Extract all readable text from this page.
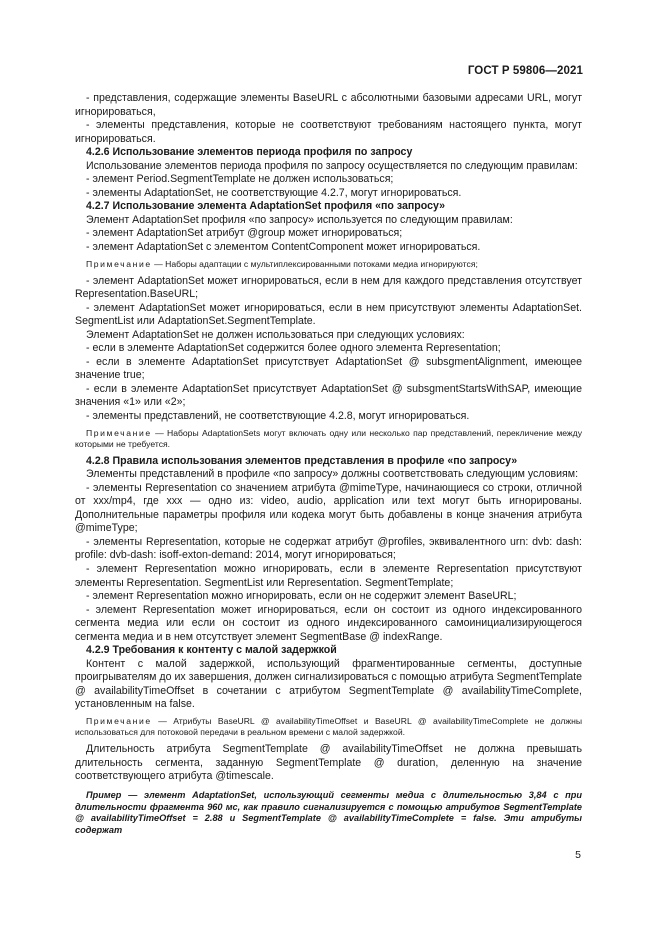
ГОСТ Р 59806—2021

- представления, содержащие элементы BaseURL с абсолютными базовыми адресами URL, могут игнорироваться,

- элементы представления, которые не соответствуют требованиям настоящего пункта, могут игнорироваться.

4.2.6 Использование элементов периода профиля по запросу

Использование элементов периода профиля по запросу осуществляется по следующим правилам:

- элемент Period.SegmentTemplate не должен использоваться;

- элементы AdaptationSet, не соответствующие 4.2.7, могут игнорироваться.

4.2.7 Использование элемента AdaptationSet профиля «по запросу»

Элемент AdaptationSet профиля «по запросу» используется по следующим правилам:

- элемент AdaptationSet атрибут @group может игнорироваться;

- элемент AdaptationSet с элементом ContentComponent может игнорироваться.

Примечание — Наборы адаптации с мультиплексированными потоками медиа игнорируются;

- элемент AdaptationSet может игнорироваться, если в нем для каждого представления отсутствует Representation.BaseURL;

- элемент AdaptationSet может игнорироваться, если в нем присутствуют элементы AdaptationSet. SegmentList или AdaptationSet.SegmentTemplate.

Элемент AdaptationSet не должен использоваться при следующих условиях:

- если в элементе AdaptationSet содержится более одного элемента Representation;

- если в элементе AdaptationSet присутствует AdaptationSet @ subsgmentAlignment, имеющее значение true;

- если в элементе AdaptationSet присутствует AdaptationSet @ subsgmentStartsWithSAP, имеющие значения «1» или «2»;

- элементы представлений, не соответствующие 4.2.8, могут игнорироваться.

Примечание — Наборы AdaptationSets могут включать одну или несколько пар представлений, перекличение между которыми не требуется.

4.2.8 Правила использования элементов представления в профиле «по запросу»

Элементы представлений в профиле «по запросу» должны соответствовать следующим условиям:

- элементы Representation со значением атрибута @mimeType, начинающиеся со строки, отличной от xxx/mp4, где xxx — одно из: video, audio, application или text могут быть игнорированы. Дополнительные параметры профиля или кодека могут быть добавлены в конце значения атрибута @mimeType;

- элементы Representation, которые не содержат атрибут @profiles, эквивалентного urn: dvb: dash: profile: dvb-dash: isoff-exton-demand: 2014, могут игнорироваться;

- элемент Representation можно игнорировать, если в элементе Representation присутствуют элементы Representation. SegmentList или Representation. SegmentTemplate;

- элемент Representation можно игнорировать, если он не содержит элемент BaseURL;

- элемент Representation может игнорироваться, если он состоит из одного индексированного сегмента медиа или если он состоит из одного индексированного самоинициализирующегося сегмента медиа и в нем отсутствует элемент SegmentBase @ indexRange.

4.2.9 Требования к контенту с малой задержкой

Контент с малой задержкой, использующий фрагментированные сегменты, доступные проигрывателям до их завершения, должен сигнализироваться с помощью атрибута SegmentTemplate @ availabilityTimeOffset в сочетании с атрибутом SegmentTemplate @ availabilityTimeComplete, установленным на false.

Примечание — Атрибуты BaseURL @ availabilityTimeOffset и BaseURL @ availabilityTimeComplete не должны использоваться для потоковой передачи в реальном времени с малой задержкой.

Длительность атрибута SegmentTemplate @ availabilityTimeOffset не должна превышать длительность сегмента, заданную SegmentTemplate @ duration, деленную на значение соответствующего атрибута @timescale.

Пример — элемент AdaptationSet, использующий сегменты медиа с длительностью 3,84 с при длительности фрагмента 960 мс, как правило сигнализируется с помощью атрибутов SegmentTemplate @ availabilityTimeOffset = 2.88 и SegmentTemplate @ availabilityTimeComplete = false. Эти атрибуты содержат

5
